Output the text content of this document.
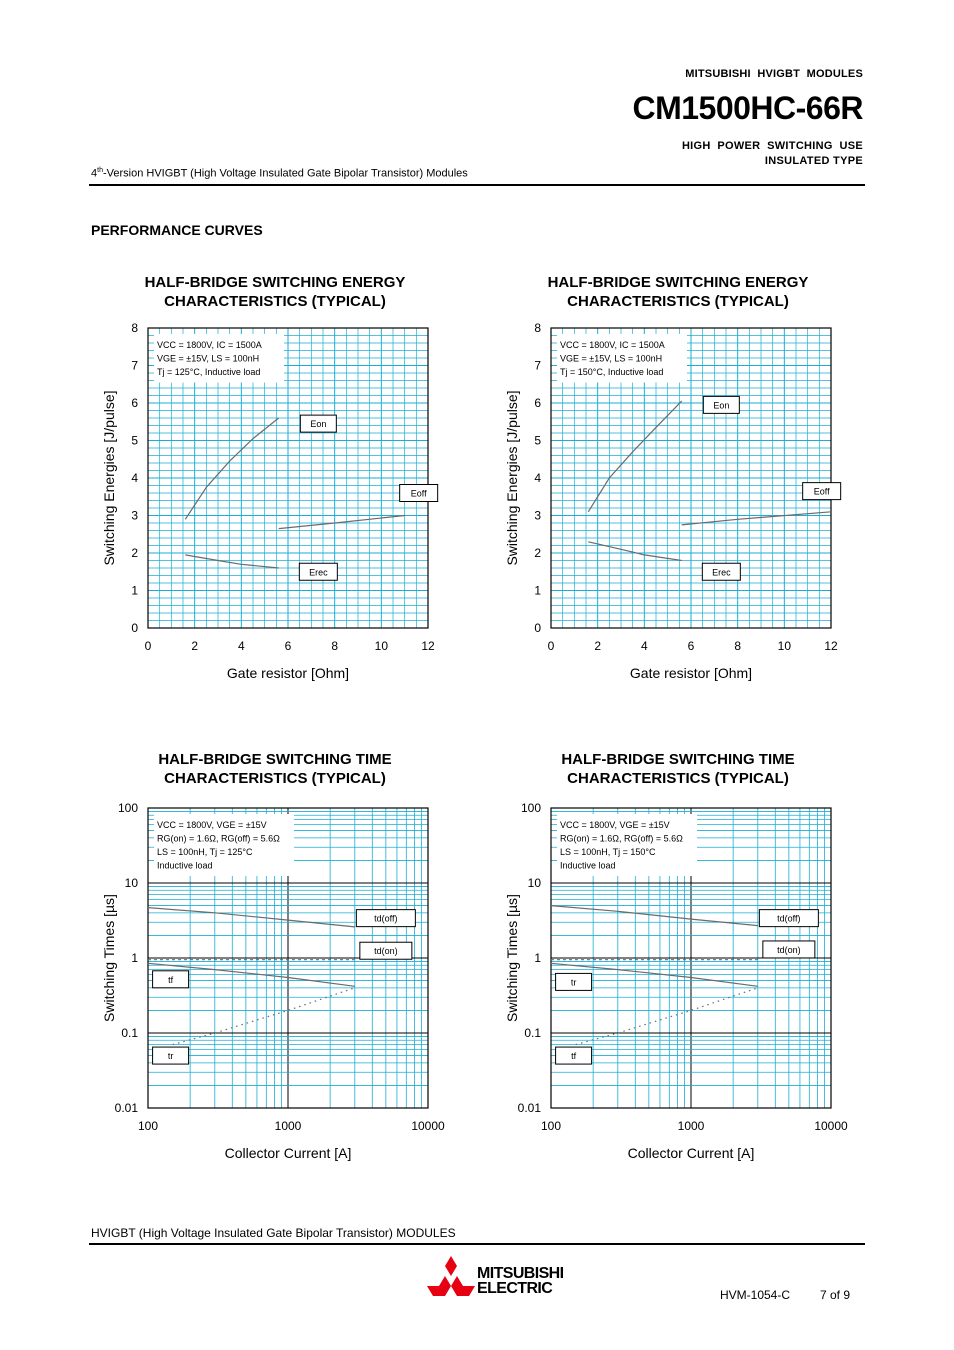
MITSUBISHI  HVIGBT  MODULES
CM1500HC-66R
HIGH  POWER  SWITCHING  USE
INSULATED TYPE
4th-Version HVIGBT (High Voltage Insulated Gate Bipolar Transistor) Modules
PERFORMANCE CURVES
HALF-BRIDGE SWITCHING ENERGY
CHARACTERISTICS (TYPICAL)
HALF-BRIDGE SWITCHING ENERGY
CHARACTERISTICS (TYPICAL)
HALF-BRIDGE SWITCHING TIME
CHARACTERISTICS (TYPICAL)
HALF-BRIDGE SWITCHING TIME
CHARACTERISTICS (TYPICAL)
0	2	4	6	8	10	12
0
1
2
3
4
5
6
7
8
Gate resistor [Ohm]
Switching Energies [J/pulse]
VCC = 1800V, IC = 1500A
VGE = ±15V, LS = 100nH
Tj = 125°C, Inductive load
Eon
Eoff
Erec
0	2	4	6	8	10	12
0
1
2
3
4
5
6
7
8
Gate resistor [Ohm]
Switching Energies [J/pulse]
VCC = 1800V, IC = 1500A
VGE = ±15V, LS = 100nH
Tj = 150°C, Inductive load
Eon
Eoff
Erec
100	1000	10000
0.01
0.1
1
10
100
Collector Current [A]
Switching Times [µs]
VCC = 1800V, VGE = ±15V
RG(on) = 1.6Ω, RG(off) = 5.6Ω
LS = 100nH, Tj = 125°C
Inductive load
td(off)
td(on)
tf
tr
100	1000	10000
0.01
0.1
1
10
100
Collector Current [A]
Switching Times [µs]
VCC = 1800V, VGE = ±15V
RG(on) = 1.6Ω, RG(off) = 5.6Ω
LS = 100nH, Tj = 150°C
Inductive load
td(off)
td(on)
tr
tf
HVIGBT (High Voltage Insulated Gate Bipolar Transistor) MODULES
MITSUBISHI
ELECTRIC	HVM-1054-C 7 of 9
